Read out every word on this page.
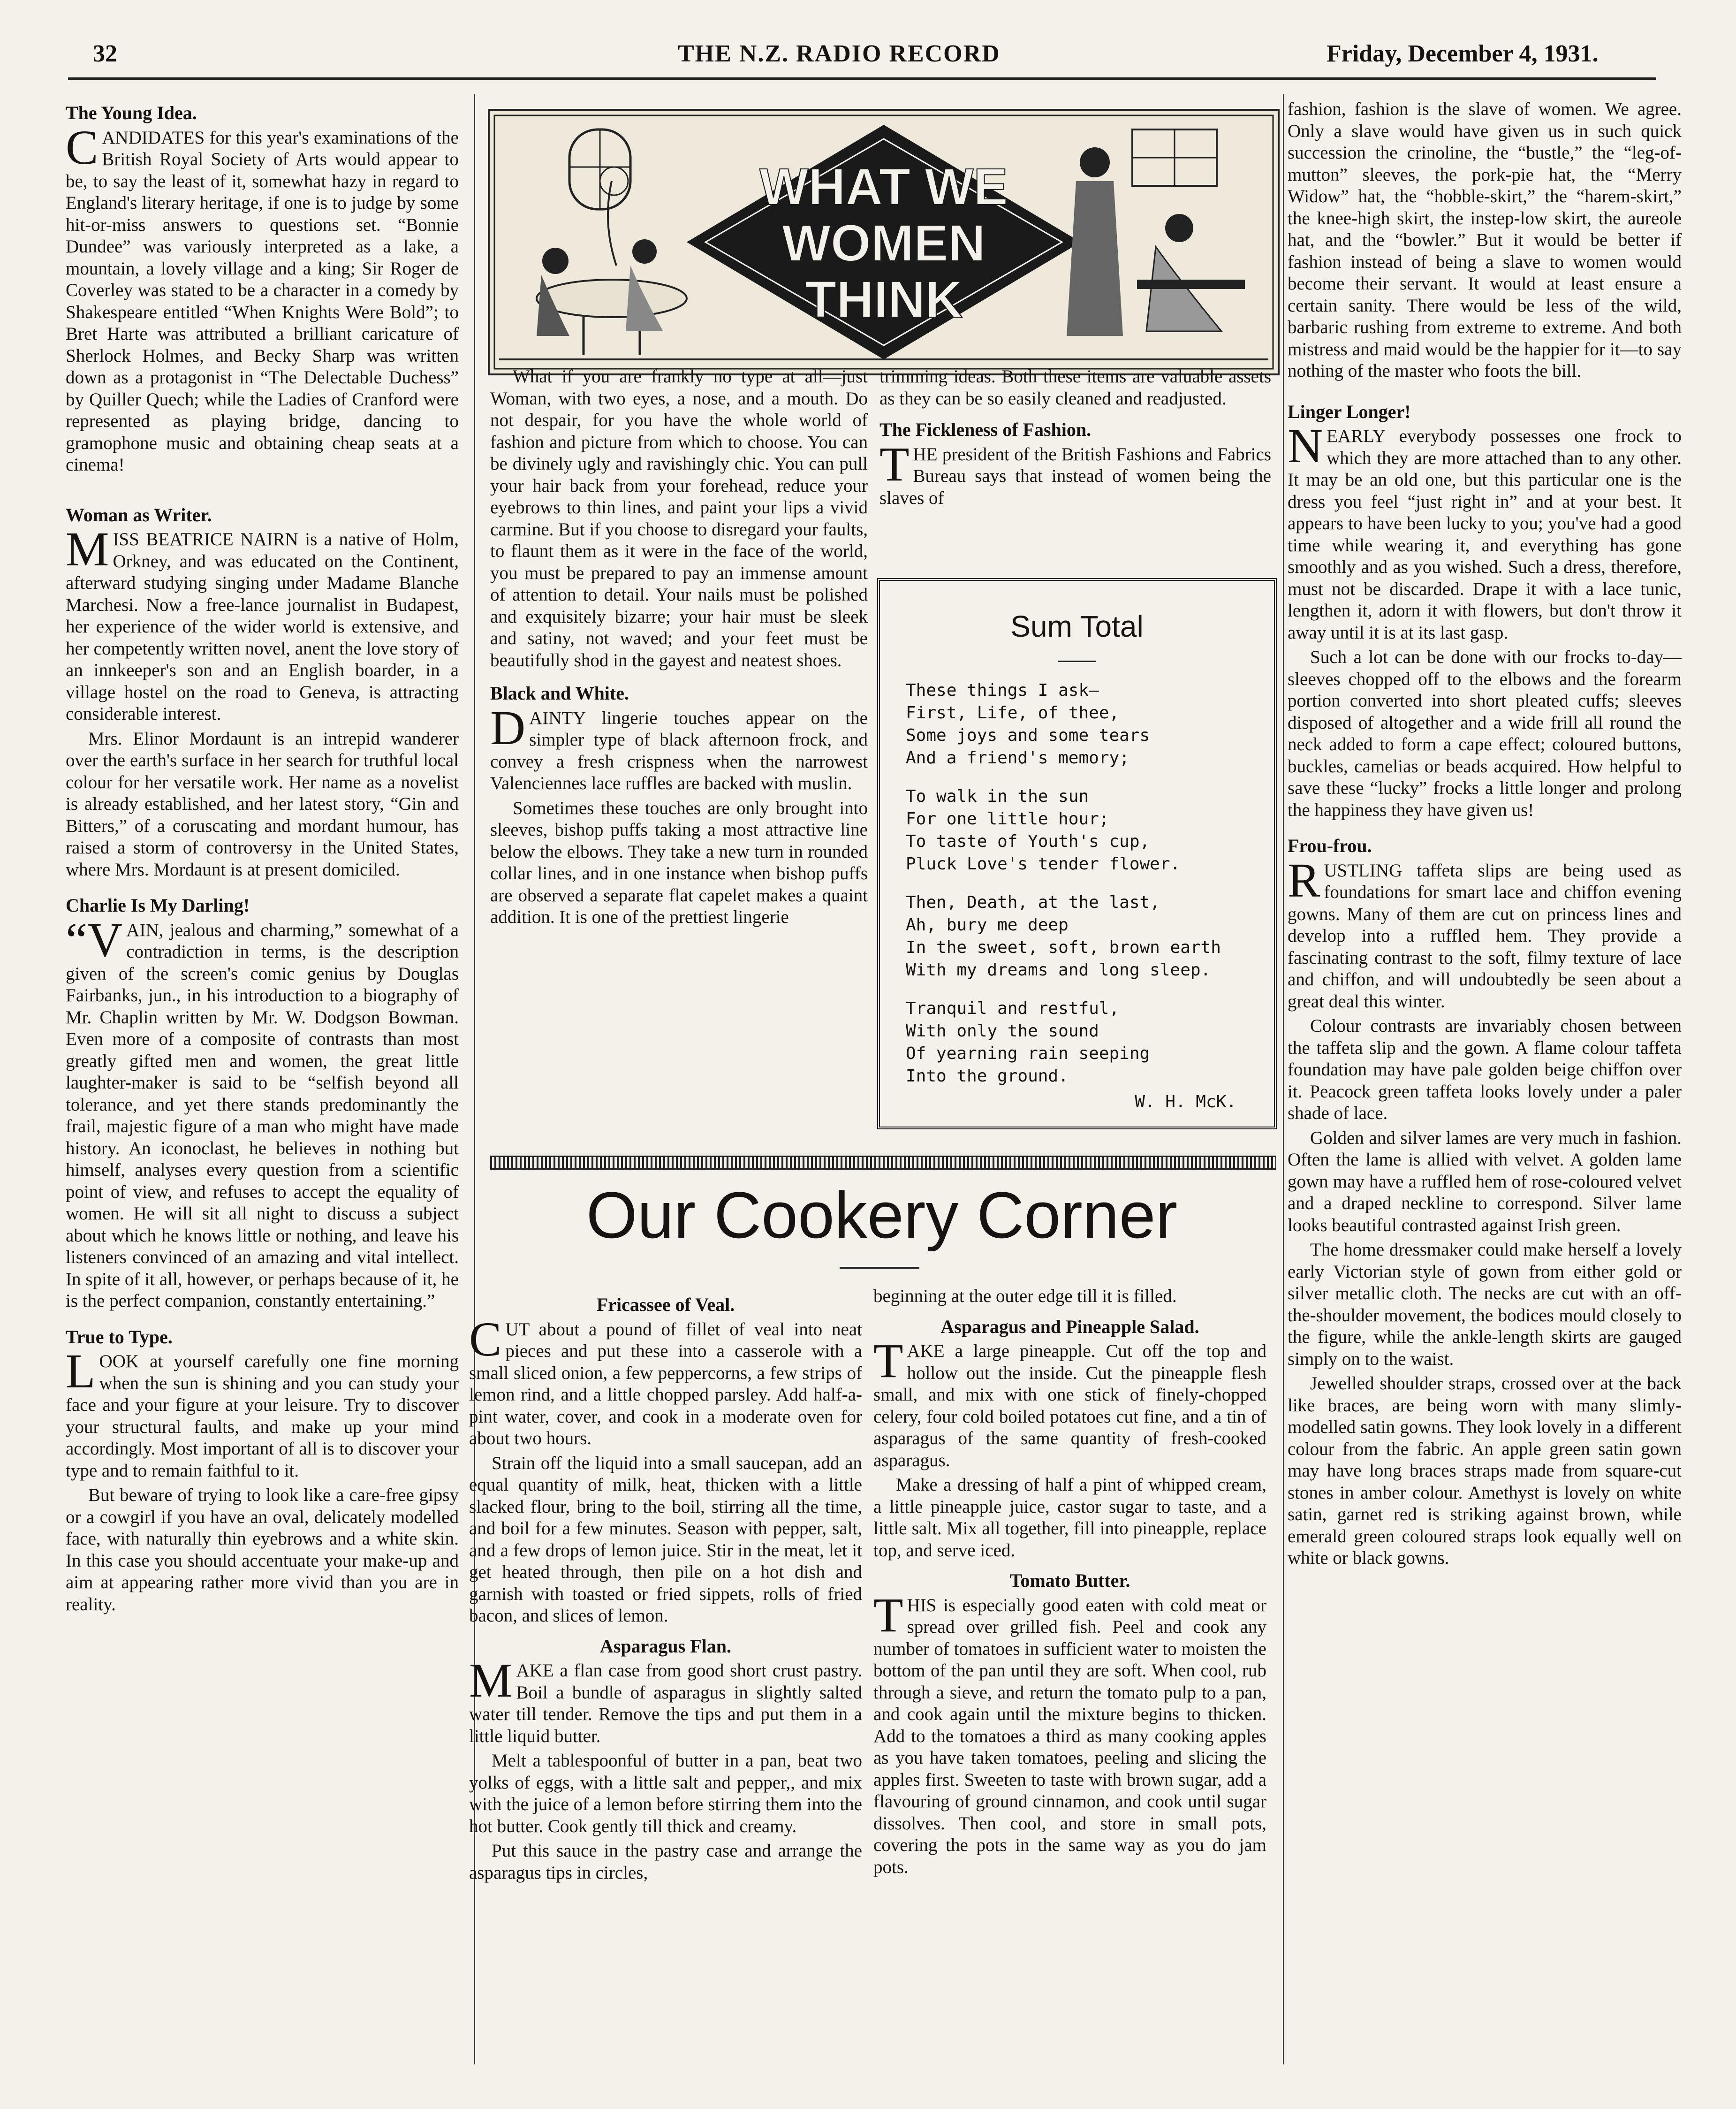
32	THE N.Z. RADIO RECORD	Friday, December 4, 1931.
The Young Idea.

CANDIDATES for this year's examinations of the British Royal Society of Arts would appear to be, to say the least of it, somewhat hazy in regard to England's literary heritage, if one is to judge by some hit-or-miss answers to questions set. “Bonnie Dundee” was variously interpreted as a lake, a mountain, a lovely village and a king; Sir Roger de Coverley was stated to be a character in a comedy by Shakespeare entitled “When Knights Were Bold”; to Bret Harte was attributed a brilliant caricature of Sherlock Holmes, and Becky Sharp was written down as a protagonist in “The Delectable Duchess” by Quiller Quech; while the Ladies of Cranford were represented as playing bridge, dancing to gramophone music and obtaining cheap seats at a cinema!

Woman as Writer.

MISS BEATRICE NAIRN is a native of Holm, Orkney, and was educated on the Continent, afterward studying singing under Madame Blanche Marchesi. Now a free-lance journalist in Budapest, her experience of the wider world is extensive, and her competently written novel, anent the love story of an innkeeper's son and an English boarder, in a village hostel on the road to Geneva, is attracting considerable interest.

Mrs. Elinor Mordaunt is an intrepid wanderer over the earth's surface in her search for truthful local colour for her versatile work. Her name as a novelist is already established, and her latest story, “Gin and Bitters,” of a coruscating and mordant humour, has raised a storm of controversy in the United States, where Mrs. Mordaunt is at present domiciled.

Charlie Is My Darling!

“VAIN, jealous and charming,” somewhat of a contradiction in terms, is the description given of the screen's comic genius by Douglas Fairbanks, jun., in his introduction to a biography of Mr. Chaplin written by Mr. W. Dodgson Bowman. Even more of a composite of contrasts than most greatly gifted men and women, the great little laughter-maker is said to be “selfish beyond all tolerance, and yet there stands predominantly the frail, majestic figure of a man who might have made history. An iconoclast, he believes in nothing but himself, analyses every question from a scientific point of view, and refuses to accept the equality of women. He will sit all night to discuss a subject about which he knows little or nothing, and leave his listeners convinced of an amazing and vital intellect. In spite of it all, however, or perhaps because of it, he is the perfect companion, constantly entertaining.”

True to Type.

LOOK at yourself carefully one fine morning when the sun is shining and you can study your face and your figure at your leisure. Try to discover your structural faults, and make up your mind accordingly. Most important of all is to discover your type and to remain faithful to it.

But beware of trying to look like a care-free gipsy or a cowgirl if you have an oval, delicately modelled face, with naturally thin eyebrows and a white skin. In this case you should accentuate your make-up and aim at appearing rather more vivid than you are in reality.

WHAT WE
WOMEN
THINK

What if you are frankly no type at all—just Woman, with two eyes, a nose, and a mouth. Do not despair, for you have the whole world of fashion and picture from which to choose. You can be divinely ugly and ravishingly chic. You can pull your hair back from your forehead, reduce your eyebrows to thin lines, and paint your lips a vivid carmine. But if you choose to disregard your faults, to flaunt them as it were in the face of the world, you must be prepared to pay an immense amount of attention to detail. Your nails must be polished and exquisitely bizarre; your hair must be sleek and satiny, not waved; and your feet must be beautifully shod in the gayest and neatest shoes.

Black and White.

DAINTY lingerie touches appear on the simpler type of black afternoon frock, and convey a fresh crispness when the narrowest Valenciennes lace ruffles are backed with muslin.

Sometimes these touches are only brought into sleeves, bishop puffs taking a most attractive line below the elbows. They take a new turn in rounded collar lines, and in one instance when bishop puffs are observed a separate flat capelet makes a quaint addition. It is one of the prettiest lingerie

trimming ideas. Both these items are valuable assets as they can be so easily cleaned and readjusted.

The Fickleness of Fashion.

THE president of the British Fashions and Fabrics Bureau says that instead of women being the slaves of

Sum Total
These things I ask—
First, Life, of thee,
Some joys and some tears
And a friend's memory;
To walk in the sun
For one little hour;
To taste of Youth's cup,
Pluck Love's tender flower.
Then, Death, at the last,
Ah, bury me deep
In the sweet, soft, brown earth
With my dreams and long sleep.
Tranquil and restful,
With only the sound
Of yearning rain seeping
Into the ground.
W. H. McK.
Our Cookery Corner
Fricassee of Veal.

CUT about a pound of fillet of veal into neat pieces and put these into a casserole with a small sliced onion, a few peppercorns, a few strips of lemon rind, and a little chopped parsley. Add half-a-pint water, cover, and cook in a moderate oven for about two hours.

Strain off the liquid into a small saucepan, add an equal quantity of milk, heat, thicken with a little slacked flour, bring to the boil, stirring all the time, and boil for a few minutes. Season with pepper, salt, and a few drops of lemon juice. Stir in the meat, let it get heated through, then pile on a hot dish and garnish with toasted or fried sippets, rolls of fried bacon, and slices of lemon.

Asparagus Flan.

MAKE a flan case from good short crust pastry. Boil a bundle of asparagus in slightly salted water till tender. Remove the tips and put them in a little liquid butter.

Melt a tablespoonful of butter in a pan, beat two yolks of eggs, with a little salt and pepper,, and mix with the juice of a lemon before stirring them into the hot butter. Cook gently till thick and creamy.

Put this sauce in the pastry case and arrange the asparagus tips in circles,

beginning at the outer edge till it is filled.

Asparagus and Pineapple Salad.

TAKE a large pineapple. Cut off the top and hollow out the inside. Cut the pineapple flesh small, and mix with one stick of finely-chopped celery, four cold boiled potatoes cut fine, and a tin of asparagus of the same quantity of fresh-cooked asparagus.

Make a dressing of half a pint of whipped cream, a little pineapple juice, castor sugar to taste, and a little salt. Mix all together, fill into pineapple, replace top, and serve iced.

Tomato Butter.

THIS is especially good eaten with cold meat or spread over grilled fish. Peel and cook any number of tomatoes in sufficient water to moisten the bottom of the pan until they are soft. When cool, rub through a sieve, and return the tomato pulp to a pan, and cook again until the mixture begins to thicken. Add to the tomatoes a third as many cooking apples as you have taken tomatoes, peeling and slicing the apples first. Sweeten to taste with brown sugar, add a flavouring of ground cinnamon, and cook until sugar dissolves. Then cool, and store in small pots, covering the pots in the same way as you do jam pots.

fashion, fashion is the slave of women. We agree. Only a slave would have given us in such quick succession the crinoline, the “bustle,” the “leg-of-mutton” sleeves, the pork-pie hat, the “Merry Widow” hat, the “hobble-skirt,” the “harem-skirt,” the knee-high skirt, the instep-low skirt, the aureole hat, and the “bowler.” But it would be better if fashion instead of being a slave to women would become their servant. It would at least ensure a certain sanity. There would be less of the wild, barbaric rushing from extreme to extreme. And both mistress and maid would be the happier for it—to say nothing of the master who foots the bill.

Linger Longer!

NEARLY everybody possesses one frock to which they are more attached than to any other. It may be an old one, but this particular one is the dress you feel “just right in” and at your best. It appears to have been lucky to you; you've had a good time while wearing it, and everything has gone smoothly and as you wished. Such a dress, therefore, must not be discarded. Drape it with a lace tunic, lengthen it, adorn it with flowers, but don't throw it away until it is at its last gasp.

Such a lot can be done with our frocks to-day—sleeves chopped off to the elbows and the forearm portion converted into short pleated cuffs; sleeves disposed of altogether and a wide frill all round the neck added to form a cape effect; coloured buttons, buckles, camelias or beads acquired. How helpful to save these “lucky” frocks a little longer and prolong the happiness they have given us!

Frou-frou.

RUSTLING taffeta slips are being used as foundations for smart lace and chiffon evening gowns. Many of them are cut on princess lines and develop into a ruffled hem. They provide a fascinating contrast to the soft, filmy texture of lace and chiffon, and will undoubtedly be seen about a great deal this winter.

Colour contrasts are invariably chosen between the taffeta slip and the gown. A flame colour taffeta foundation may have pale golden beige chiffon over it. Peacock green taffeta looks lovely under a paler shade of lace.

Golden and silver lames are very much in fashion. Often the lame is allied with velvet. A golden lame gown may have a ruffled hem of rose-coloured velvet and a draped neckline to correspond. Silver lame looks beautiful contrasted against Irish green.

The home dressmaker could make herself a lovely early Victorian style of gown from either gold or silver metallic cloth. The necks are cut with an off-the-shoulder movement, the bodices mould closely to the figure, while the ankle-length skirts are gauged simply on to the waist.

Jewelled shoulder straps, crossed over at the back like braces, are being worn with many slimly-modelled satin gowns. They look lovely in a different colour from the fabric. An apple green satin gown may have long braces straps made from square-cut stones in amber colour. Amethyst is lovely on white satin, garnet red is striking against brown, while emerald green coloured straps look equally well on white or black gowns.
